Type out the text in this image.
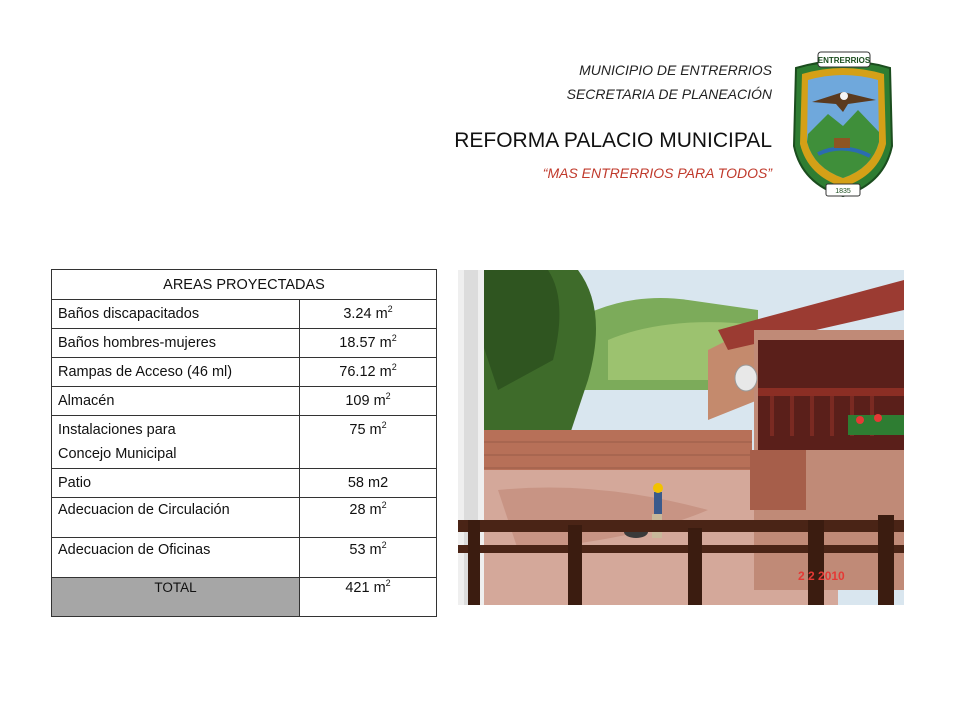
MUNICIPIO DE ENTRERRIOS
SECRETARIA DE PLANEACIÓN
REFORMA PALACIO MUNICIPAL
“MAS ENTRERRIOS PARA TODOS”
ENTRERRIOS
1835
AREAS PROYECTADAS	
Baños discapacitados	3.24 $m^2$
Baños hombres-mujeres	18.57 $m^2$
Rampas de Acceso (46 ml)	76.12 $m^2$
Almacén	109 $m^2$
Instalaciones para
Concejo Municipal	75 $m^2$
Patio	58 m2
Adecuacion de Circulación	28 $m^2$
Adecuacion de Oficinas	53 $m^2$
TOTAL	421 $m^2$
2 2 2010
